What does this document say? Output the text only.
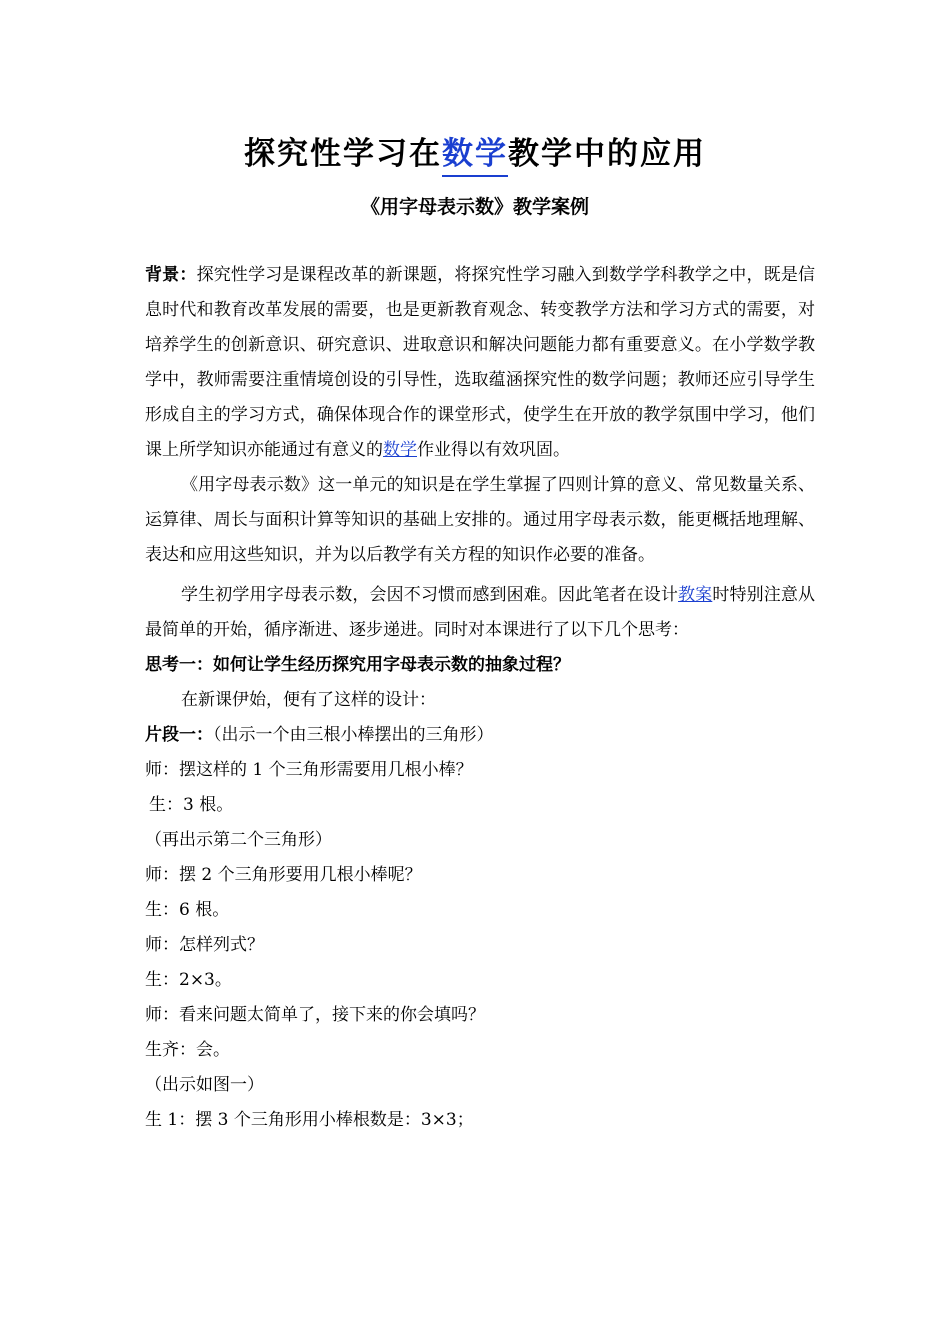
探究性学习在数学教学中的应用
《用字母表示数》教学案例

背景：探究性学习是课程改革的新课题，将探究性学习融入到数学学科教学之中，既是信息时代和教育改革发展的需要，也是更新教育观念、转变教学方法和学习方式的需要，对培养学生的创新意识、研究意识、进取意识和解决问题能力都有重要意义。在小学数学教学中，教师需要注重情境创设的引导性，选取蕴涵探究性的数学问题；教师还应引导学生形成自主的学习方式，确保体现合作的课堂形式，使学生在开放的教学氛围中学习，他们课上所学知识亦能通过有意义的数学作业得以有效巩固。

《用字母表示数》这一单元的知识是在学生掌握了四则计算的意义、常见数量关系、运算律、周长与面积计算等知识的基础上安排的。通过用字母表示数，能更概括地理解、表达和应用这些知识，并为以后教学有关方程的知识作必要的准备。

学生初学用字母表示数，会因不习惯而感到困难。因此笔者在设计教案时特别注意从最简单的开始，循序渐进、逐步递进。同时对本课进行了以下几个思考：

思考一：如何让学生经历探究用字母表示数的抽象过程？

在新课伊始，便有了这样的设计：

片段一：（出示一个由三根小棒摆出的三角形）

师：摆这样的 1 个三角形需要用几根小棒？

生：3 根。

（再出示第二个三角形）

师：摆 2 个三角形要用几根小棒呢？

生：6 根。

师：怎样列式？

生：2×3。

师：看来问题太简单了，接下来的你会填吗？

生齐：会。

（出示如图一）

生 1：摆 3 个三角形用小棒根数是：3×3；
